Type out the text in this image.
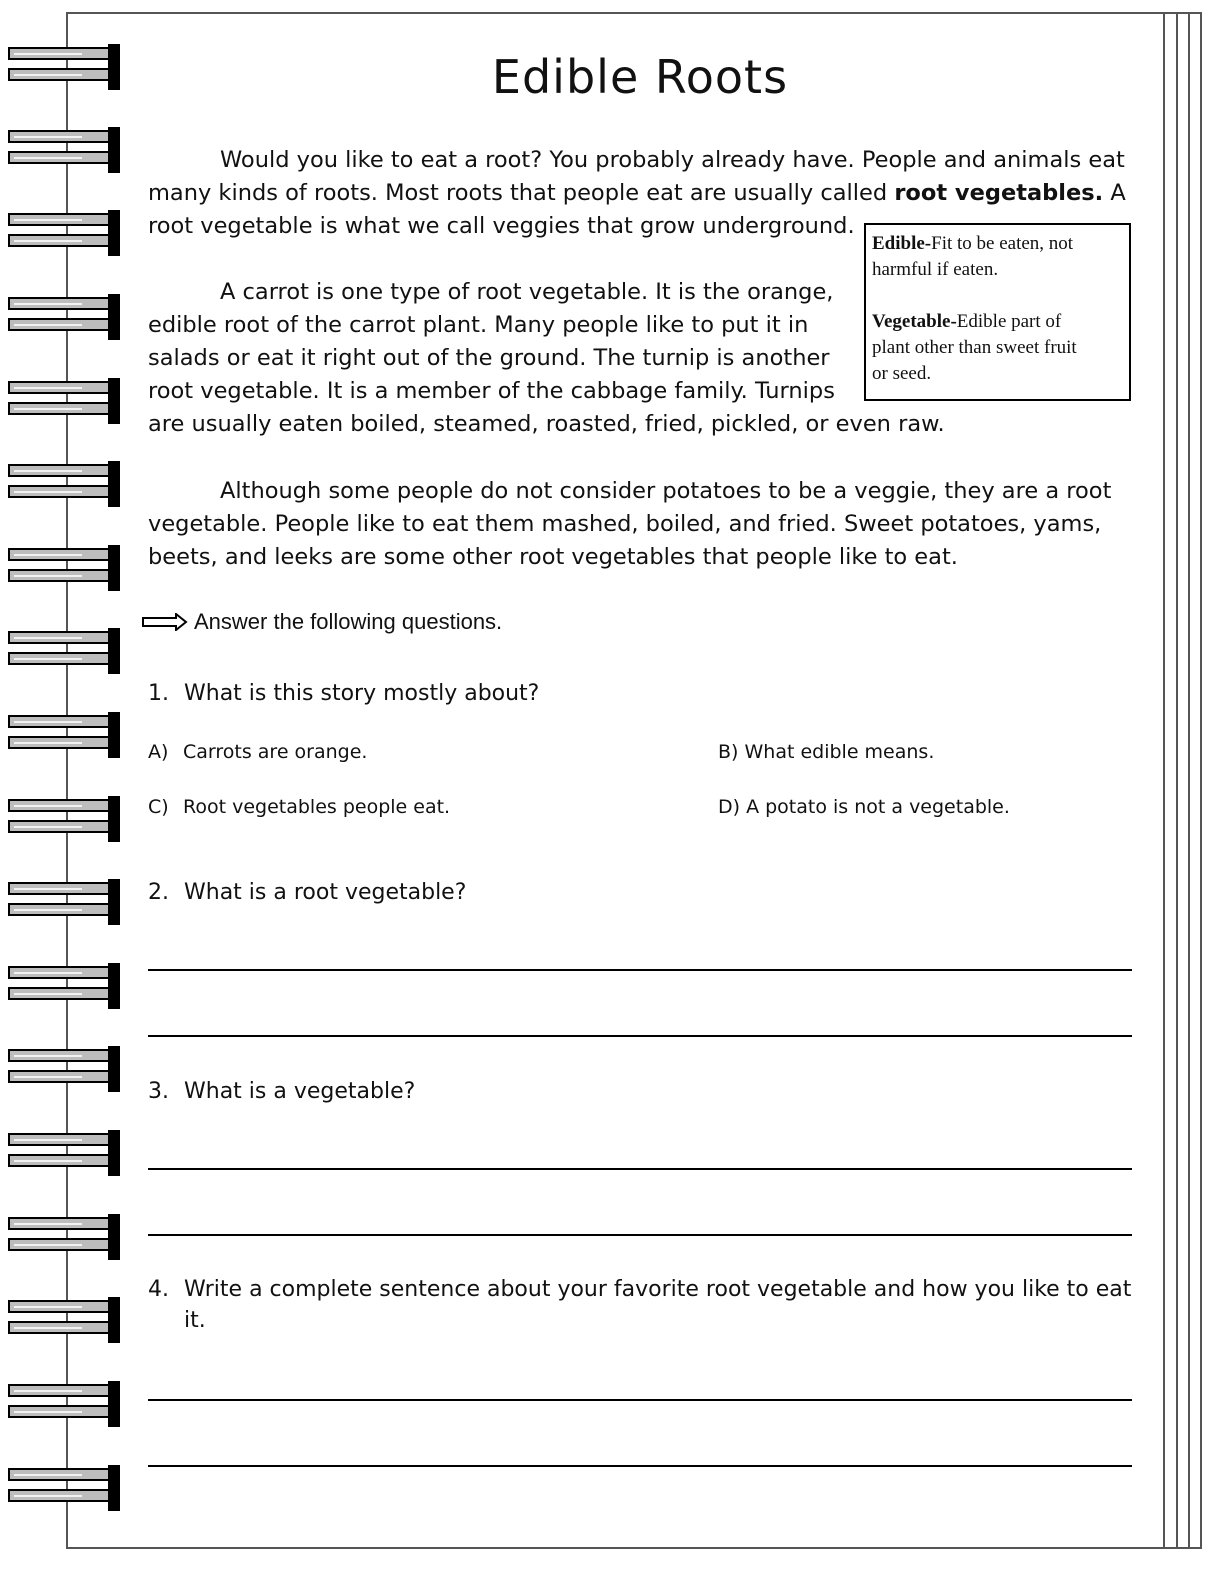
Edible Roots
Would you like to eat a root? You probably already have. People and animals eat
many kinds of roots. Most roots that people eat are usually called root vegetables. A
root vegetable is what we call veggies that grow underground.
A carrot is one type of root vegetable. It is the orange,
edible root of the carrot plant. Many people like to put it in
salads or eat it right out of the ground. The turnip is another
root vegetable. It is a member of the cabbage family. Turnips
are usually eaten boiled, steamed, roasted, fried, pickled, or even raw.
Edible-Fit to be eaten, not
harmful if eaten.
Vegetable-Edible part of
plant other than sweet fruit
or seed.
Although some people do not consider potatoes to be a veggie, they are a root
vegetable. People like to eat them mashed, boiled, and fried. Sweet potatoes, yams,
beets, and leeks are some other root vegetables that people like to eat.
Answer the following questions.
1. What is this story mostly about?
A) Carrots are orange.	B) What edible means.
C) Root vegetables people eat.	D) A potato is not a vegetable.
2. What is a root vegetable?
3. What is a vegetable?
4. Write a complete sentence about your favorite root vegetable and how you like to eat
it.
